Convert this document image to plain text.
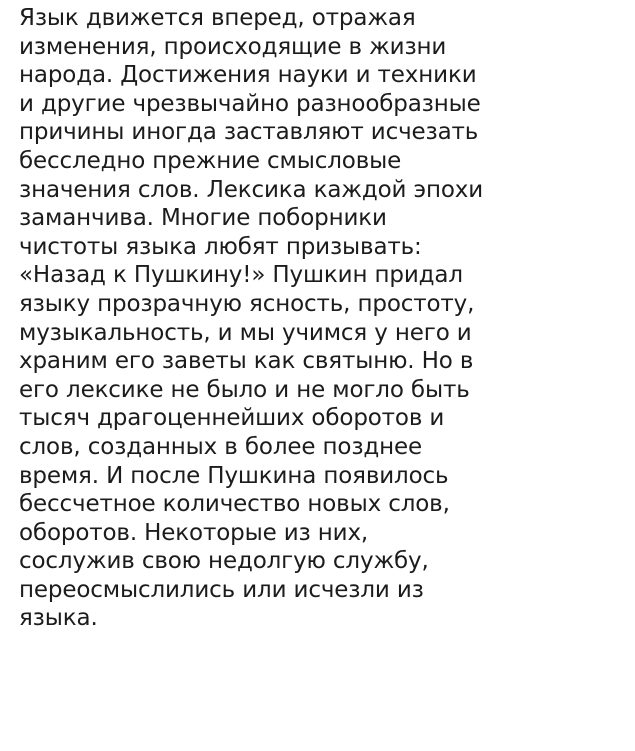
Язык движется вперед, отражая
изменения, происходящие в жизни
народа. Достижения науки и техники
и другие чрезвычайно разнообразные
причины иногда заставляют исчезать
бесследно прежние смысловые
значения слов. Лексика каждой эпохи
заманчива. Многие поборники
чистоты языка любят призывать:
«Назад к Пушкину!» Пушкин придал
языку прозрачную ясность, простоту,
музыкальность, и мы учимся у него и
храним его заветы как святыню. Но в
его лексике не было и не могло быть
тысяч драгоценнейших оборотов и
слов, созданных в более позднее
время. И после Пушкина появилось
бессчетное количество новых слов,
оборотов. Некоторые из них,
сослужив свою недолгую службу,
переосмыслились или исчезли из
языка.
